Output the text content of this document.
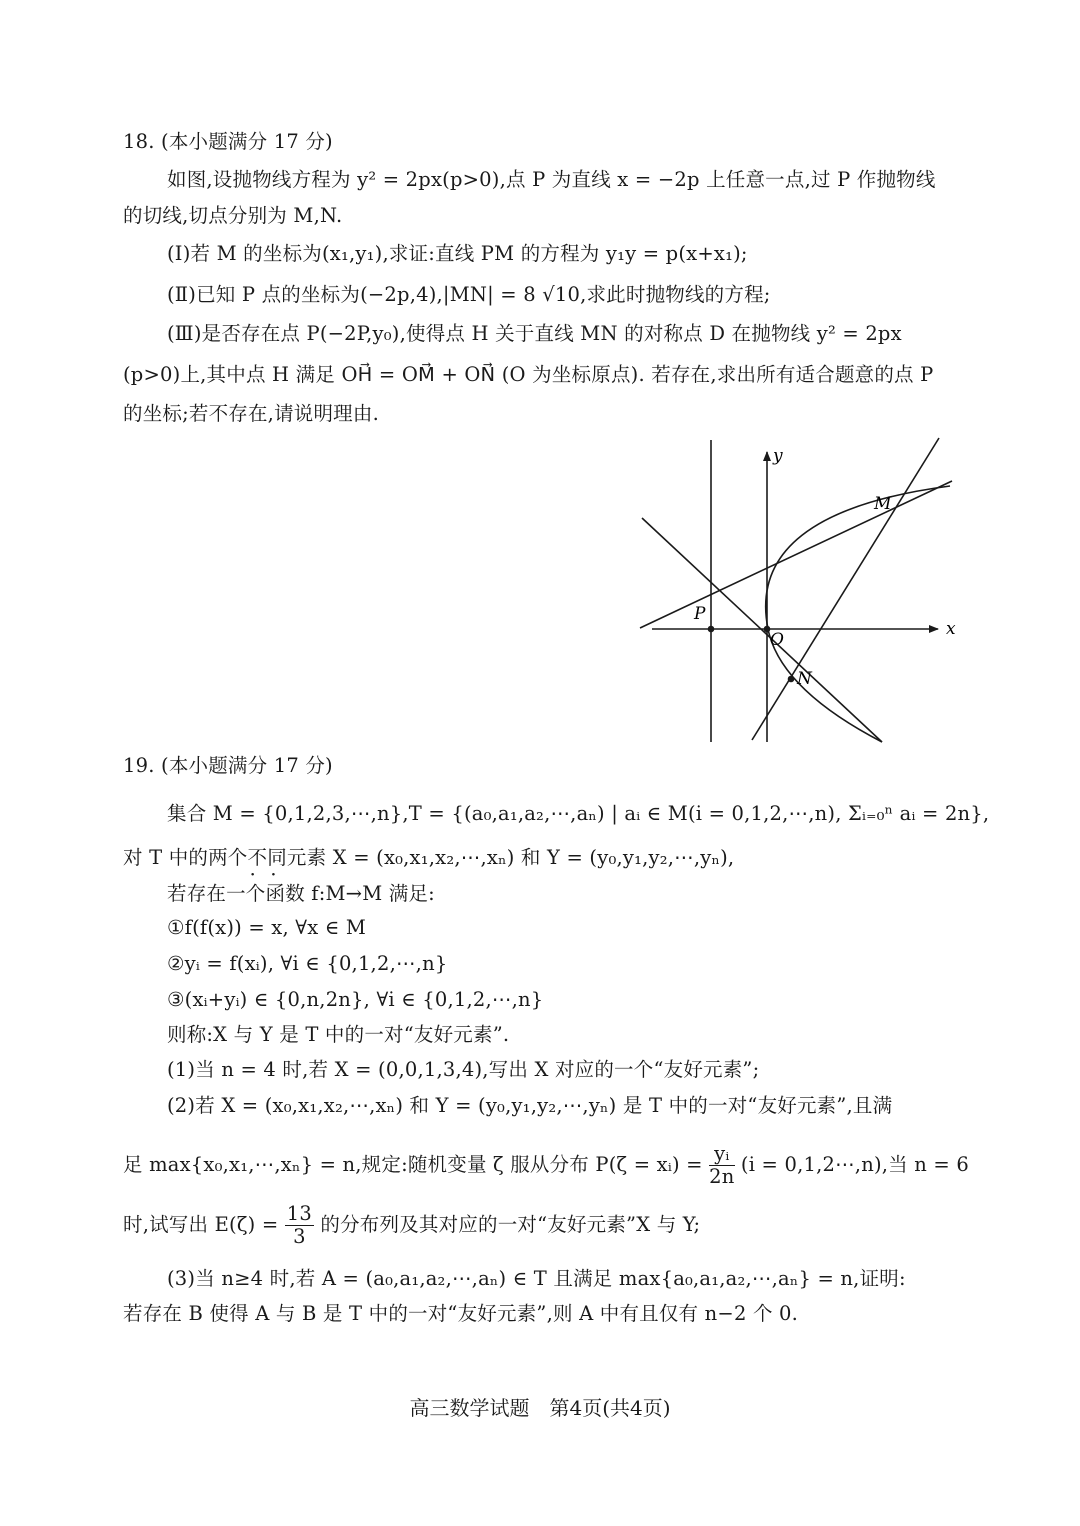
18. (本小题满分 17 分)
如图,设抛物线方程为 y² = 2px(p>0),点 P 为直线 x = −2p 上任意一点,过 P 作抛物线
的切线,切点分别为 M,N.
(Ⅰ)若 M 的坐标为(x₁,y₁),求证:直线 PM 的方程为 y₁y = p(x+x₁);
(Ⅱ)已知 P 点的坐标为(−2p,4),|MN| = 8 √10,求此时抛物线的方程;
(Ⅲ)是否存在点 P(−2P,y₀),使得点 H 关于直线 MN 的对称点 D 在抛物线 y² = 2px
(p>0)上,其中点 H 满足 OH⃗ = OM⃗ + ON⃗ (O 为坐标原点). 若存在,求出所有适合题意的点 P
的坐标;若不存在,请说明理由.
y
x
M
P
O
N
19. (本小题满分 17 分)
集合 M = {0,1,2,3,⋯,n},T = {(a₀,a₁,a₂,⋯,aₙ) | aᵢ ∈ M(i = 0,1,2,⋯,n), Σᵢ₌₀ⁿ aᵢ = 2n},
对 T 中的两个不同 · ·元素 X = (x₀,x₁,x₂,⋯,xₙ) 和 Y = (y₀,y₁,y₂,⋯,yₙ),
若存在一个函数 f:M→M 满足:
①f(f(x)) = x, ∀x ∈ M
②yᵢ = f(xᵢ), ∀i ∈ {0,1,2,⋯,n}
③(xᵢ+yᵢ) ∈ {0,n,2n}, ∀i ∈ {0,1,2,⋯,n}
则称:X 与 Y 是 T 中的一对“友好元素”.
(1)当 n = 4 时,若 X = (0,0,1,3,4),写出 X 对应的一个“友好元素”;
(2)若 X = (x₀,x₁,x₂,⋯,xₙ) 和 Y = (y₀,y₁,y₂,⋯,yₙ) 是 T 中的一对“友好元素”,且满
足 max{x₀,x₁,⋯,xₙ} = n,规定:随机变量 ζ 服从分布 P(ζ = xᵢ) = $\frac{\text{yᵢ}}{2n} (i$ = 0,1,2⋯,n),当 n = 6
时,试写出 $E(\zeta) = \frac{13}{3}$ 的分布列及其对应的一对“友好元素”X 与 Y;
(3)当 n≥4 时,若 A = (a₀,a₁,a₂,⋯,aₙ) ∈ T 且满足 max{a₀,a₁,a₂,⋯,aₙ} = n,证明:
若存在 B 使得 A 与 B 是 T 中的一对“友好元素”,则 A 中有且仅有 n−2 个 0.
高三数学试题　第4页(共4页)
